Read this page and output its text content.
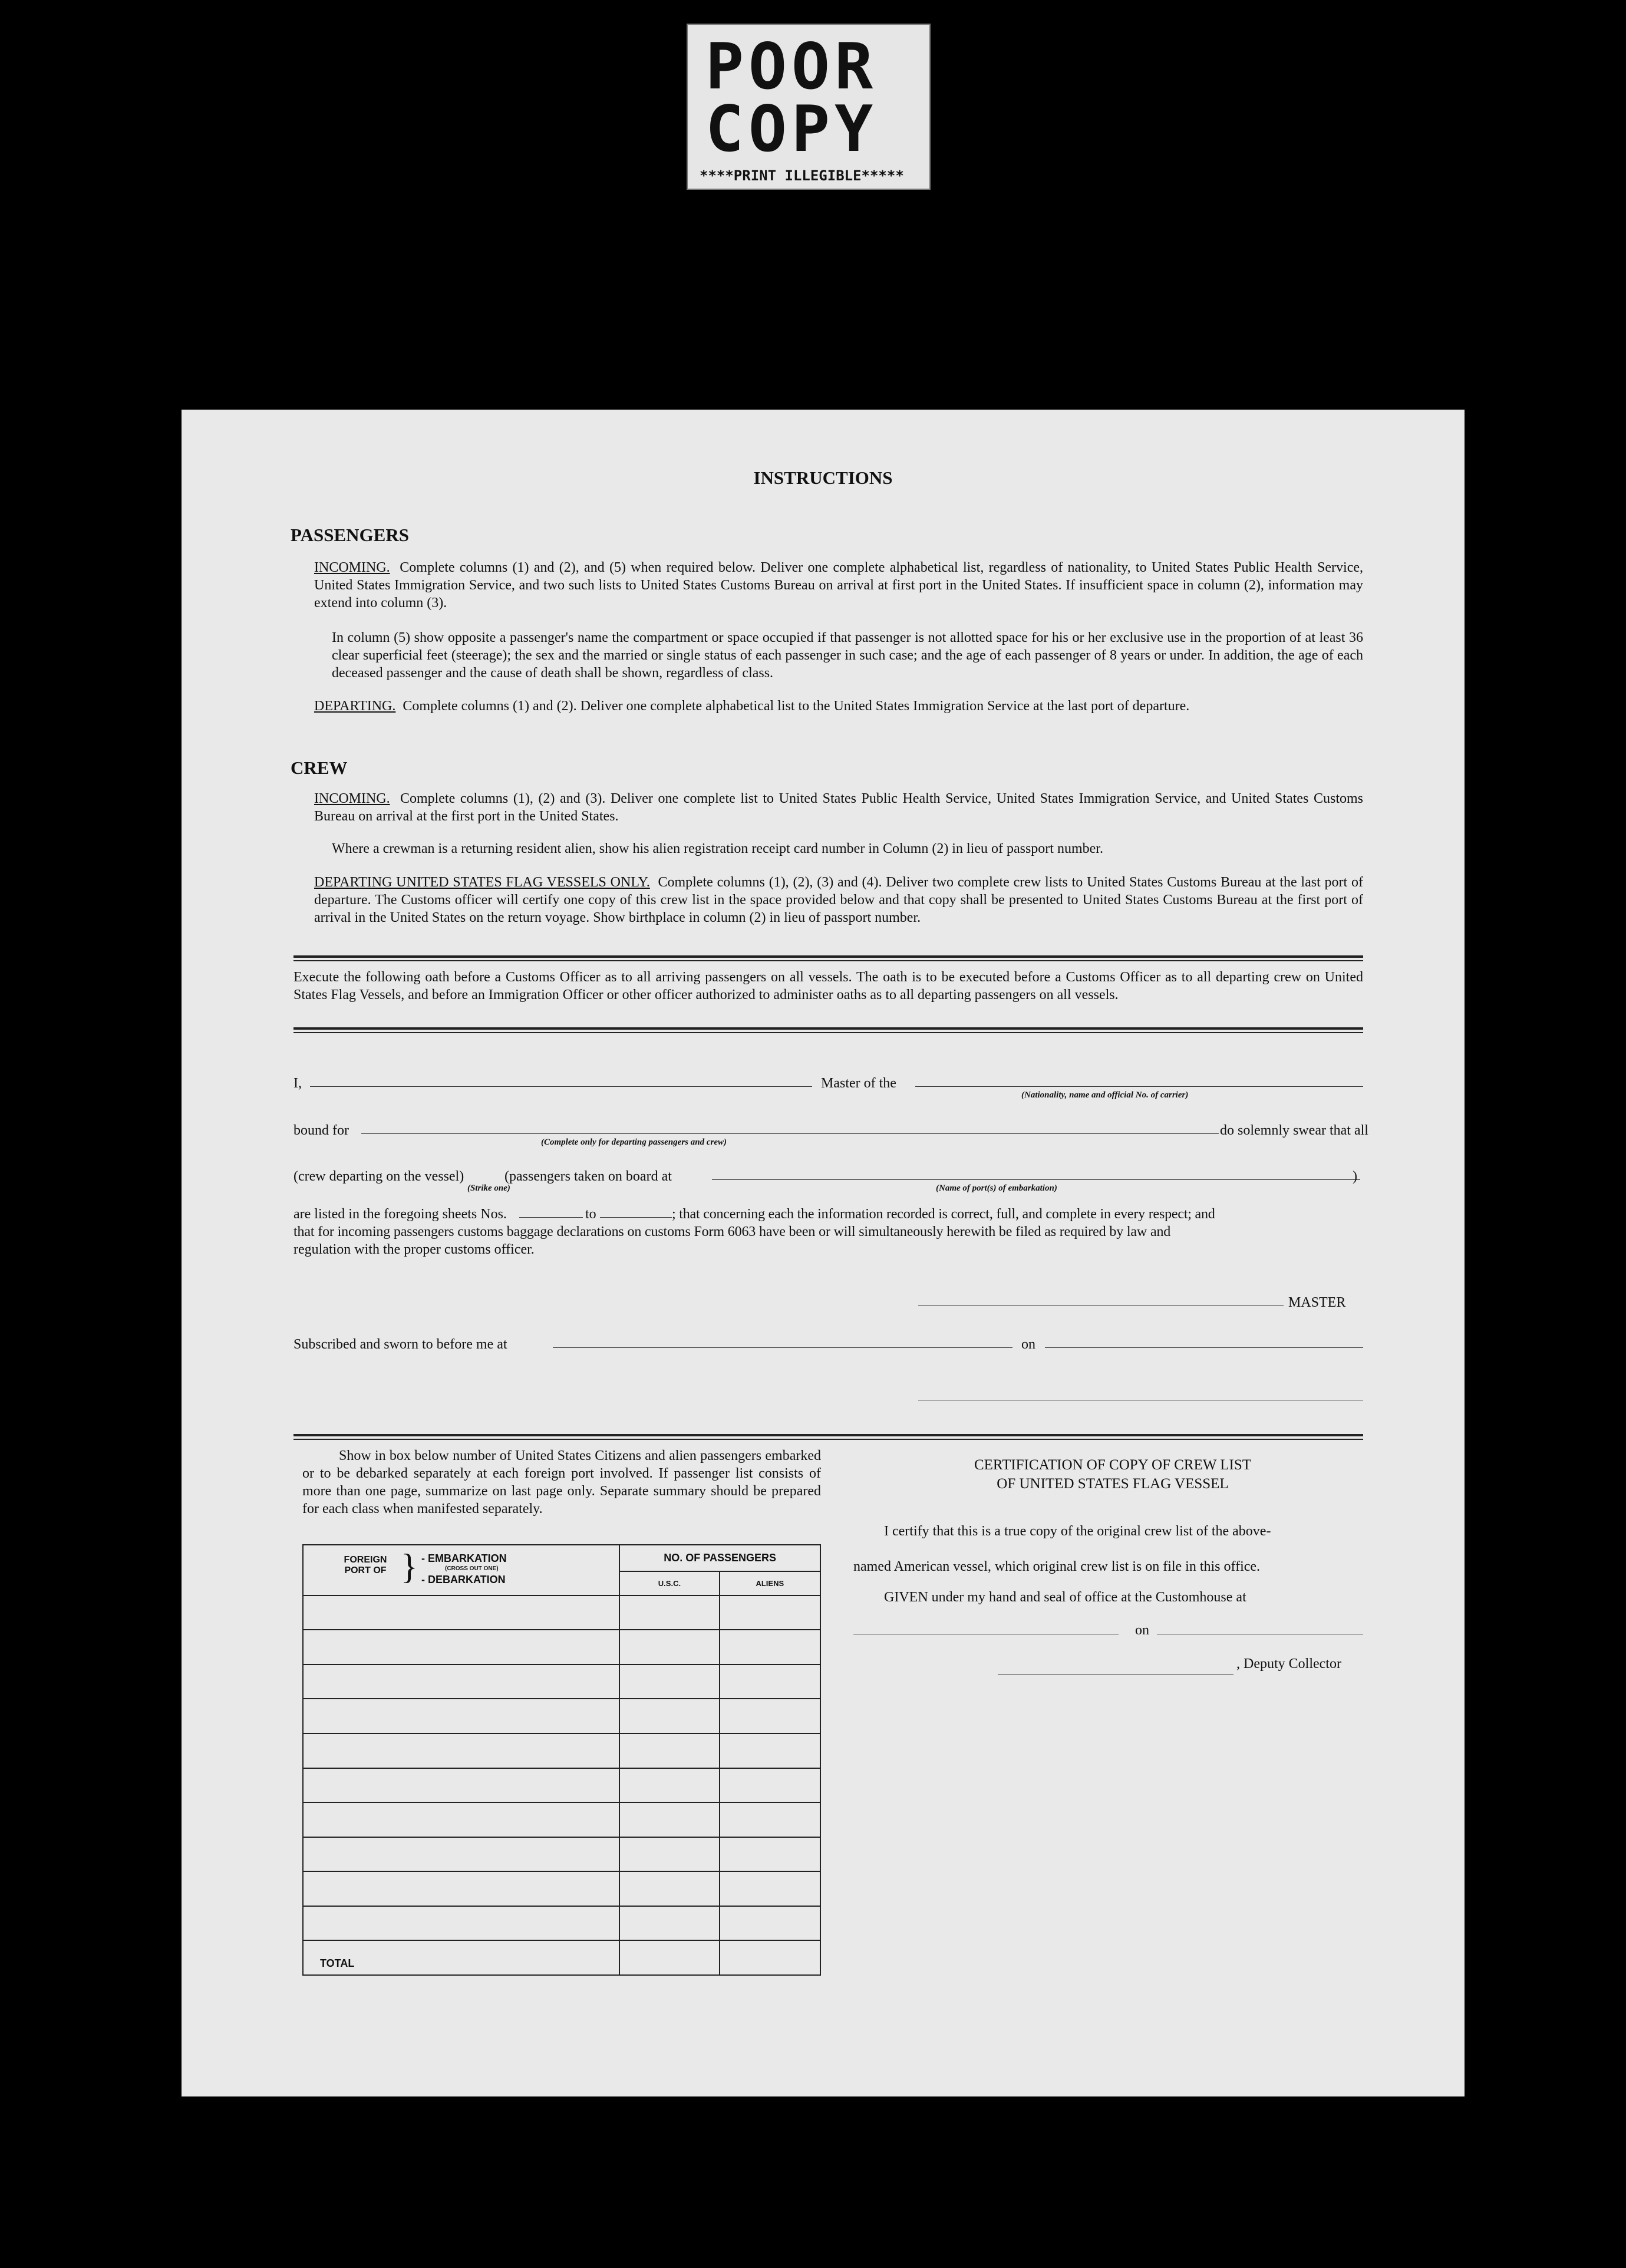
POOR
COPY
****PRINT ILLEGIBLE*****
INSTRUCTIONS
PASSENGERS
INCOMING. Complete columns (1) and (2), and (5) when required below. Deliver one complete alphabetical list, regardless of nationality, to United States Public Health Service, United States Immigration Service, and two such lists to United States Customs Bureau on arrival at first port in the United States. If insufficient space in column (2), information may extend into column (3).
In column (5) show opposite a passenger's name the compartment or space occupied if that passenger is not allotted space for his or her exclusive use in the proportion of at least 36 clear superficial feet (steerage); the sex and the married or single status of each passenger in such case; and the age of each passenger of 8 years or under. In addition, the age of each deceased passenger and the cause of death shall be shown, regardless of class.
DEPARTING. Complete columns (1) and (2). Deliver one complete alphabetical list to the United States Immigration Service at the last port of departure.
CREW
INCOMING. Complete columns (1), (2) and (3). Deliver one complete list to United States Public Health Service, United States Immigration Service, and United States Customs Bureau on arrival at the first port in the United States.
Where a crewman is a returning resident alien, show his alien registration receipt card number in Column (2) in lieu of passport number.
DEPARTING UNITED STATES FLAG VESSELS ONLY. Complete columns (1), (2), (3) and (4). Deliver two complete crew lists to United States Customs Bureau at the last port of departure. The Customs officer will certify one copy of this crew list in the space provided below and that copy shall be presented to United States Customs Bureau at the first port of arrival in the United States on the return voyage. Show birthplace in column (2) in lieu of passport number.
Execute the following oath before a Customs Officer as to all arriving passengers on all vessels. The oath is to be executed before a Customs Officer as to all departing crew on United States Flag Vessels, and before an Immigration Officer or other officer authorized to administer oaths as to all departing passengers on all vessels.
I,	Master of the
(Nationality, name and official No. of carrier)
bound for
(Complete only for departing passengers and crew)
do solemnly swear that all
(crew departing on the vessel)	(passengers taken on board at	)
(Strike one)	(Name of port(s) of embarkation)
are listed in the foregoing sheets Nos.	to	; that concerning each the information recorded is correct, full, and complete in every respect; and
that for incoming passengers customs baggage declarations on customs Form 6063 have been or will simultaneously herewith be filed as required by law and
regulation with the proper customs officer.
MASTER
Subscribed and sworn to before me at	on
Show in box below number of United States Citizens and alien passengers embarked or to be debarked separately at each foreign port involved. If passenger list consists of more than one page, summarize on last page only. Separate summary should be prepared for each class when manifested separately.
FOREIGN PORT OF } - EMBARKATION
(CROSS OUT ONE)
- DEBARKATION	NO. OF PASSENGERS	
	U.S.C.	ALIENS

TOTAL		
CERTIFICATION OF COPY OF CREW LIST
OF UNITED STATES FLAG VESSEL
I certify that this is a true copy of the original crew list of the above-
named American vessel, which original crew list is on file in this office.
GIVEN under my hand and seal of office at the Customhouse at
on
, Deputy Collector
